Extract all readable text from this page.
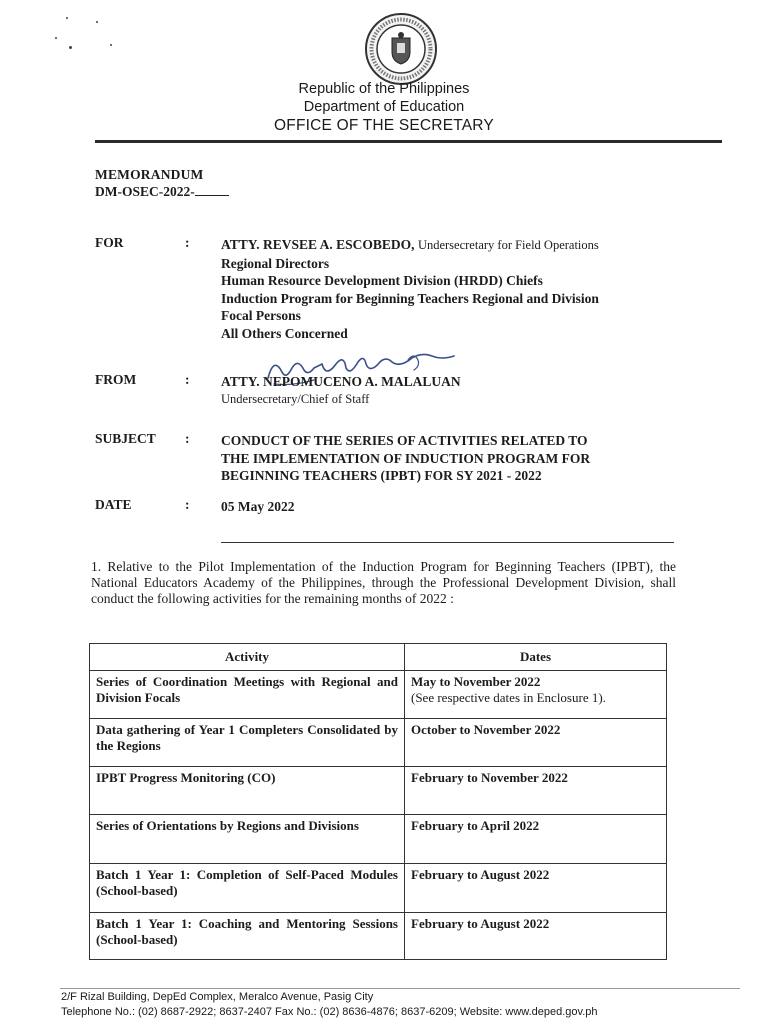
Republic of the Philippines
Department of Education
OFFICE OF THE SECRETARY
MEMORANDUM
DM-OSEC-2022-
FOR	: ATTY. REVSEE A. ESCOBEDO, Undersecretary for Field Operations
Regional Directors
Human Resource Development Division (HRDD) Chiefs
Induction Program for Beginning Teachers Regional and Division
Focal Persons
All Others Concerned
FROM	: ATTY. NEPOMUCENO A. MALALUAN
Undersecretary/Chief of Staff
SUBJECT : CONDUCT OF THE SERIES OF ACTIVITIES RELATED TO
THE IMPLEMENTATION OF INDUCTION PROGRAM FOR
BEGINNING TEACHERS (IPBT) FOR SY 2021 - 2022
DATE	: 05 May 2022
1. Relative to the Pilot Implementation of the Induction Program for Beginning Teachers (IPBT), the National Educators Academy of the Philippines, through the Professional Development Division, shall conduct the following activities for the remaining months of 2022 :
Activity	Dates
Series of Coordination Meetings with Regional and Division Focals	May to November 2022
(See respective dates in Enclosure 1).

Data gathering of Year 1 Completers Consolidated by the Regions	October to November 2022
IPBT Progress Monitoring (CO)	February to November 2022
Series of Orientations by Regions and Divisions	February to April 2022
Batch 1 Year 1: Completion of Self-Paced Modules (School-based)	February to August 2022
Batch 1 Year 1: Coaching and Mentoring Sessions (School-based)	February to August 2022
2/F Rizal Building, DepEd Complex, Meralco Avenue, Pasig City
Telephone No.: (02) 8687-2922; 8637-2407 Fax No.: (02) 8636-4876; 8637-6209; Website: www.deped.gov.ph
